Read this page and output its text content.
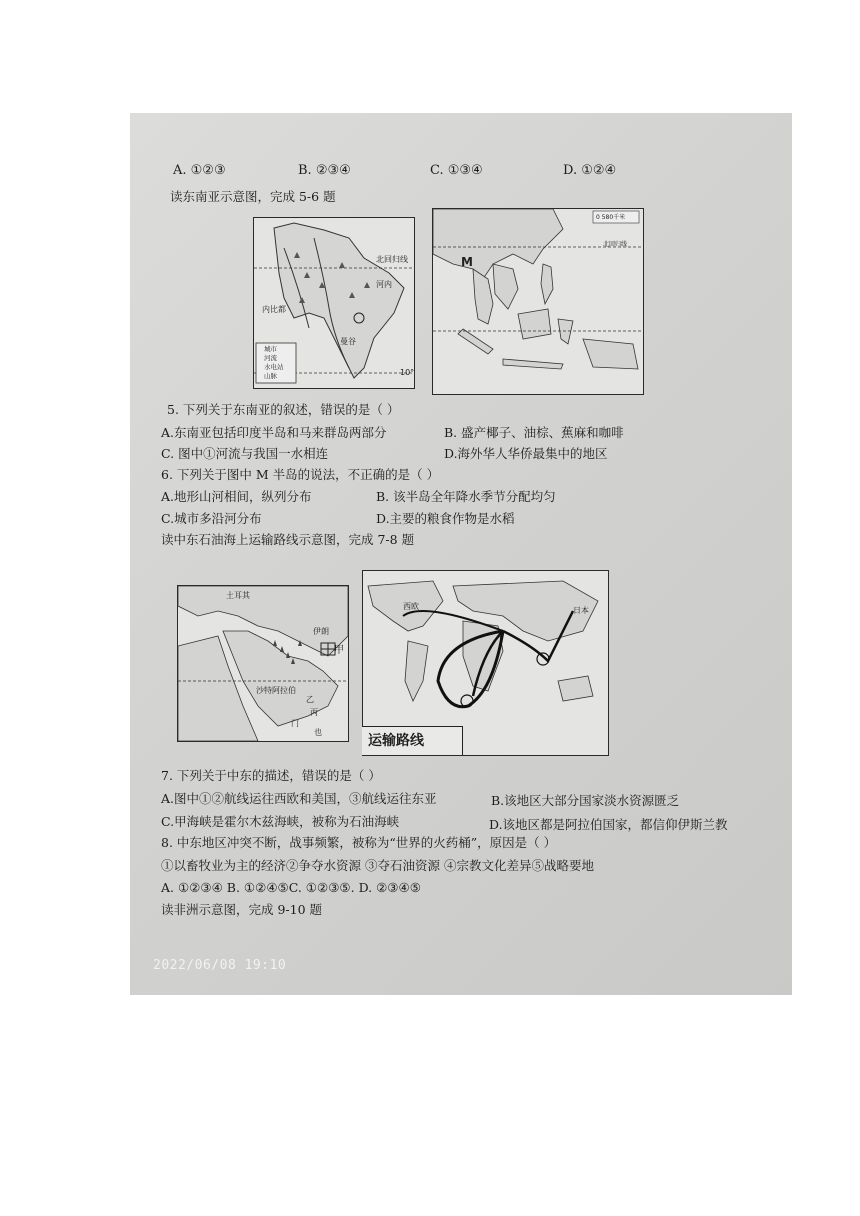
A. ①②③	B. ②③④	C. ①③④	D. ①②④
读东南亚示意图，完成 5-6 题
北回归线
河内
内比都
曼谷
10°
城市
河流
水电站
山脉
0 580千米
北回归线
M
5. 下列关于东南亚的叙述，错误的是（ ）
A.东南亚包括印度半岛和马来群岛两部分	B. 盛产椰子、油棕、蕉麻和咖啡
C. 图中①河流与我国一水相连	D.海外华人华侨最集中的地区
6. 下列关于图中 M 半岛的说法，不正确的是（ ）
A.地形山河相间，纵列分布	B. 该半岛全年降水季节分配均匀
C.城市多沿河分布	D.主要的粮食作物是水稻
读中东石油海上运输路线示意图，完成 7-8 题
土耳其
伊朗
甲
沙特阿拉伯
乙
丙
门
也
西欧	日本
运输路线
7. 下列关于中东的描述，错误的是（ ）
A.图中①②航线运往西欧和美国，③航线运往东亚	B.该地区大部分国家淡水资源匮乏
C.甲海峡是霍尔木兹海峡，被称为石油海峡	D.该地区都是阿拉伯国家，都信仰伊斯兰教
8. 中东地区冲突不断，战事频繁，被称为“世界的火药桶”，原因是（ ）
①以畜牧业为主的经济②争夺水资源 ③夺石油资源 ④宗教文化差异⑤战略要地
A. ①②③④ B. ①②④⑤C. ①②③⑤. D. ②③④⑤
读非洲示意图，完成 9-10 题
2022/06/08 19:10
